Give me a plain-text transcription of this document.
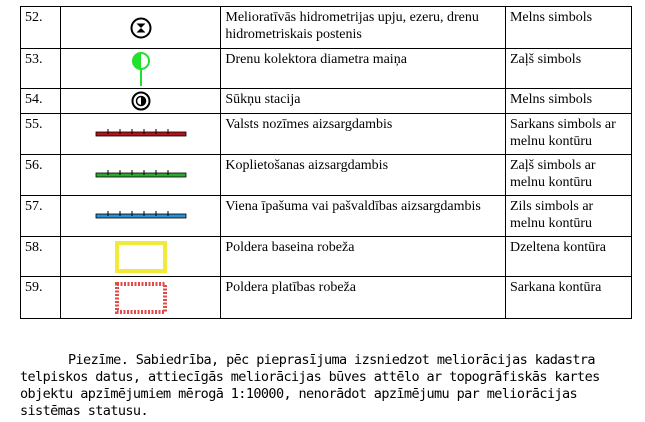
52.		Melioratīvās hidrometrijas upju, ezeru, drenu hidrometriskais postenis	Melns simbols
53.		Drenu kolektora diametra maiņa	Zaļš simbols
54.		Sūkņu stacija	Melns simbols
55.		Valsts nozīmes aizsargdambis	Sarkans simbols ar melnu kontūru
56.		Koplietošanas aizsargdambis	Zaļš simbols ar melnu kontūru
57.		Viena īpašuma vai pašvaldības aizsargdambis	Zils simbols ar melnu kontūru
58.		Poldera baseina robeža	Dzeltena kontūra
59.		Poldera platības robeža	Sarkana kontūra
Piezīme. Sabiedrība, pēc pieprasījuma izsniedzot meliorācijas kadastra telpiskos datus, attiecīgās meliorācijas būves attēlo ar topogrāfiskās kartes objektu apzīmējumiem mērogā 1:10000, nenorādot apzīmējumu par meliorācijas sistēmas statusu.
